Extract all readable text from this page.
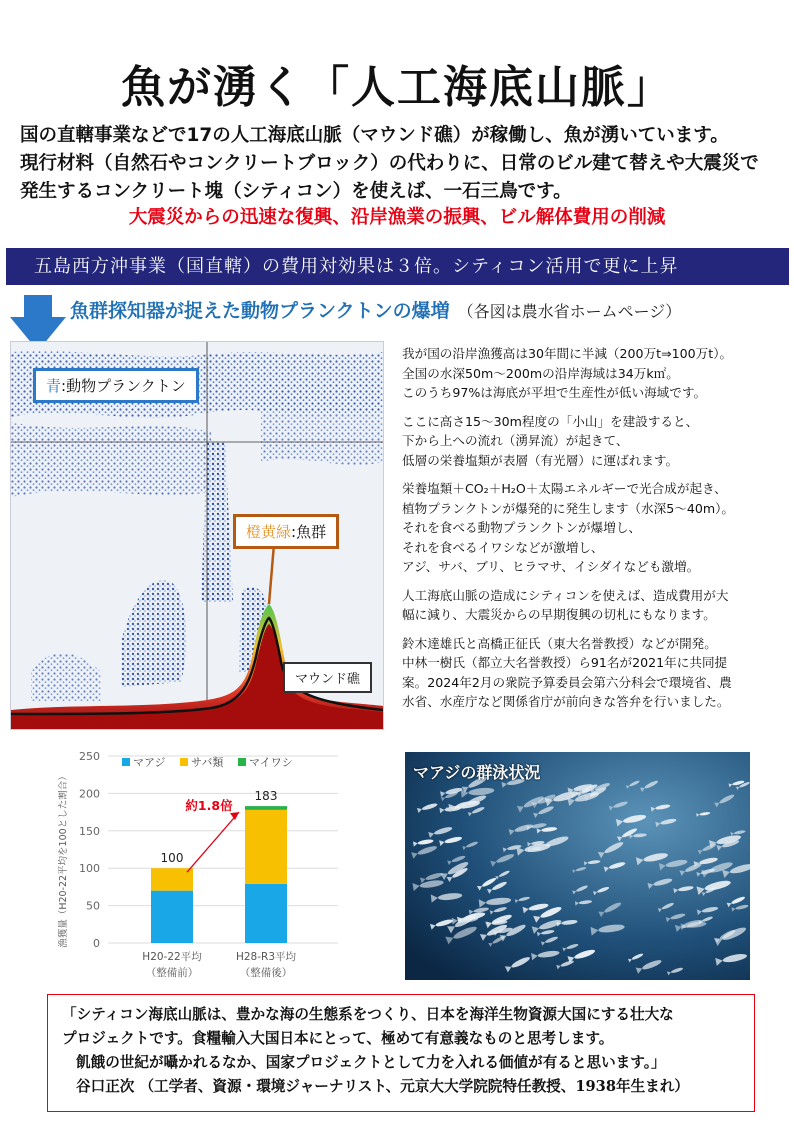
魚が湧く「人工海底山脈」
国の直轄事業などで17の人工海底山脈（マウンド礁）が稼働し、魚が湧いています。
現行材料（自然石やコンクリートブロック）の代わりに、日常のビル建て替えや大震災で
発生するコンクリート塊（シティコン）を使えば、一石三鳥です。
大震災からの迅速な復興、沿岸漁業の振興、ビル解体費用の削減
五島西方沖事業（国直轄）の費用対効果は３倍。シティコン活用で更に上昇
魚群探知器が捉えた動物プランクトンの爆増 （各図は農水省ホームページ）
青:動物プランクトン
橙黄緑:魚群
マウンド礁

我が国の沿岸漁獲高は30年間に半減（200万t⇒100万t）。
全国の水深50m〜200mの沿岸海域は34万k㎡。
このうち97%は海底が平坦で生産性が低い海域です。

ここに高さ15〜30m程度の「小山」を建設すると、
下から上への流れ（湧昇流）が起きて、
低層の栄養塩類が表層（有光層）に運ばれます。

栄養塩類＋CO₂＋H₂O＋太陽エネルギーで光合成が起き、
植物プランクトンが爆発的に発生します（水深5〜40m）。
それを食べる動物プランクトンが爆増し、
それを食べるイワシなどが激増し、
アジ、サバ、ブリ、ヒラマサ、イシダイなども激増。

人工海底山脈の造成にシティコンを使えば、造成費用が大
幅に減り、大震災からの早期復興の切札にもなります。

鈴木達雄氏と高橋正征氏（東大名誉教授）などが開発。
中林一樹氏（都立大名誉教授）ら91名が2021年に共同提
案。2024年2月の衆院予算委員会第六分科会で環境省、農
水省、水産庁など関係省庁が前向きな答弁を行いました。

0
50
100
150
200
250
漁獲量（H20-22平均を100とした割合）
マアジ サバ類 マイワシ
100
H20-22平均
（整備前）
183
H28-R3平均
（整備後）
約1.8倍
マアジの群泳状況
「シティコン海底山脈は、豊かな海の生態系をつくり、日本を海洋生物資源大国にする壮大な
プロジェクトです。食糧輸入大国日本にとって、極めて有意義なものと思考します。
飢餓の世紀が囁かれるなか、国家プロジェクトとして力を入れる価値が有ると思います。」
谷口正次 （工学者、資源・環境ジャーナリスト、元京大大学院院特任教授、1938年生まれ）
